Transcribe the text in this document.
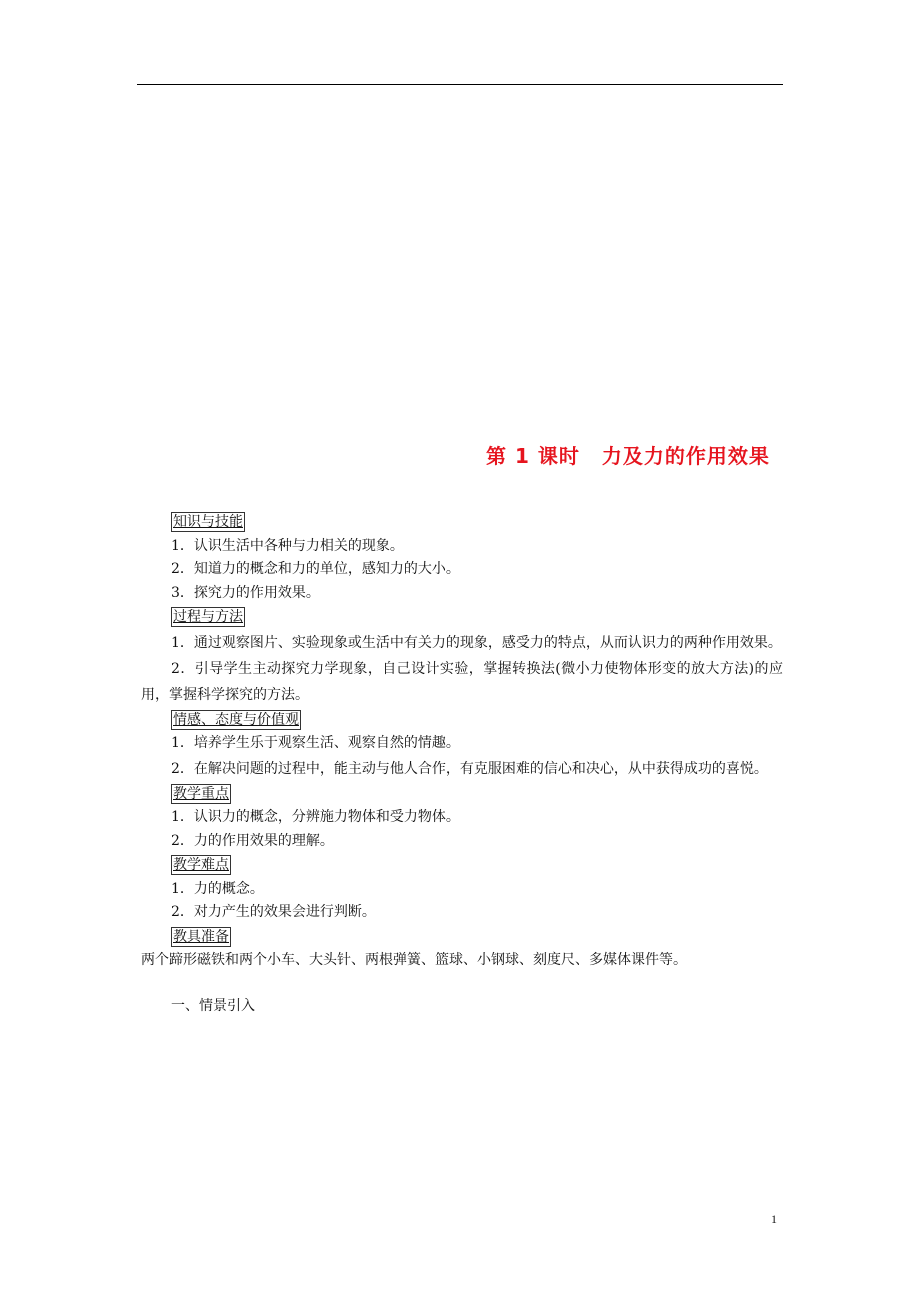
第 1 课时 力及力的作用效果
知识与技能

1．认识生活中各种与力相关的现象。

2．知道力的概念和力的单位，感知力的大小。

3．探究力的作用效果。

过程与方法

1．通过观察图片、实验现象或生活中有关力的现象，感受力的特点，从而认识力的两种作用效果。

2．引导学生主动探究力学现象，自己设计实验，掌握转换法(微小力使物体形变的放大方法)的应用，掌握科学探究的方法。

情感、态度与价值观

1．培养学生乐于观察生活、观察自然的情趣。

2．在解决问题的过程中，能主动与他人合作，有克服困难的信心和决心，从中获得成功的喜悦。

教学重点

1．认识力的概念，分辨施力物体和受力物体。

2．力的作用效果的理解。

教学难点

1．力的概念。

2．对力产生的效果会进行判断。

教具准备

两个蹄形磁铁和两个小车、大头针、两根弹簧、篮球、小钢球、刻度尺、多媒体课件等。

一、情景引入

1
